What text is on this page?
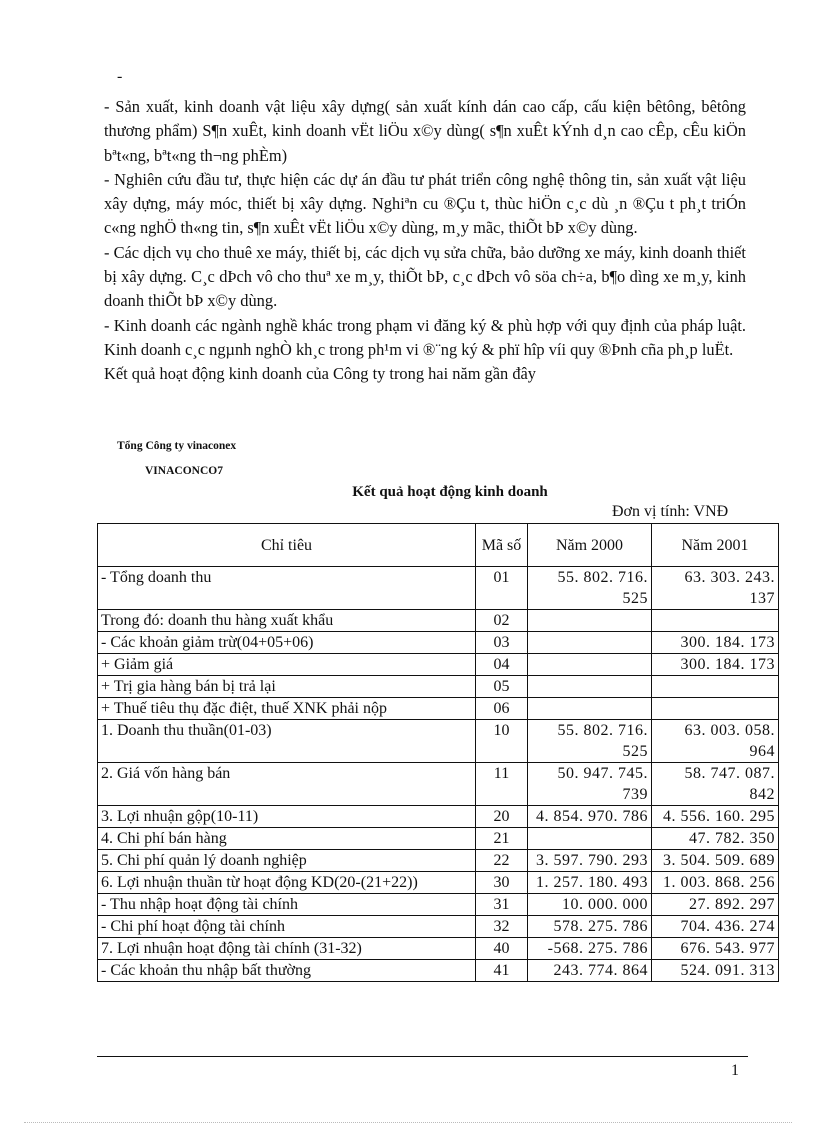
-

- Sản xuất, kinh doanh vật liệu xây dựng( sản xuất kính dán cao cấp, cấu kiện bêtông, bêtông thương phẩm) S¶n xuÊt, kinh doanh vËt liÖu x©y dùng( s¶n xuÊt kÝnh d¸n cao cÊp, cÊu kiÖn bªt«ng, bªt«ng th¬ng phÈm)

- Nghiên cứu đầu tư, thực hiện các dự án đầu tư phát triển công nghệ thông tin, sản xuất vật liệu xây dựng, máy móc, thiết bị xây dựng. Nghiªn cu ®Çu t, thùc hiÖn c¸c dù ¸n ®Çu t ph¸t triÓn c«ng nghÖ th«ng tin, s¶n xuÊt vËt liÖu x©y dùng, m¸y mãc, thiÕt bÞ x©y dùng.

- Các dịch vụ cho thuê xe máy, thiết bị, các dịch vụ sửa chữa, bảo dưỡng xe máy, kinh doanh thiết bị xây dựng. C¸c dÞch vô cho thuª xe m¸y, thiÕt bÞ, c¸c dÞch vô söa ch÷a, b¶o dìng xe m¸y, kinh doanh thiÕt bÞ x©y dùng.

- Kinh doanh các ngành nghề khác trong phạm vi đăng ký & phù hợp với quy định của pháp luật. Kinh doanh c¸c ngµnh nghÒ kh¸c trong ph¹m vi ®¨ng ký & phï hîp víi quy ®Þnh cña ph¸p luËt.

Kết quả hoạt động kinh doanh của Công ty trong hai năm gần đây

Tổng Công ty vinaconex
VINACONCO7
Kết quả hoạt động kinh doanh
Đơn vị tính: VNĐ
Chỉ tiêu	Mã số	Năm 2000	Năm 2001
- Tổng doanh thu	01	55. 802. 716. 525	63. 303. 243. 137
Trong đó: doanh thu hàng xuất khẩu	02		
- Các khoản giảm trừ(04+05+06)	03		300. 184. 173
+ Giảm giá	04		300. 184. 173
+ Trị gia hàng bán bị trả lại	05		
+ Thuế tiêu thụ đặc điệt, thuế XNK phải nộp	06		
1. Doanh thu thuần(01-03)	10	55. 802. 716. 525	63. 003. 058. 964
2. Giá vốn hàng bán	11	50. 947. 745. 739	58. 747. 087. 842
3. Lợi nhuận gộp(10-11)	20	4. 854. 970. 786	4. 556. 160. 295
4. Chi phí bán hàng	21		47. 782. 350
5. Chi phí quản lý doanh nghiệp	22	3. 597. 790. 293	3. 504. 509. 689
6. Lợi nhuận thuần từ hoạt động KD(20-(21+22))	30	1. 257. 180. 493	1. 003. 868. 256
- Thu nhập hoạt động tài chính	31	10. 000. 000	27. 892. 297
- Chi phí hoạt động tài chính	32	578. 275. 786	704. 436. 274
7. Lợi nhuận hoạt động tài chính (31-32)	40	-568. 275. 786	676. 543. 977
- Các khoản thu nhập bất thường	41	243. 774. 864	524. 091. 313
1
